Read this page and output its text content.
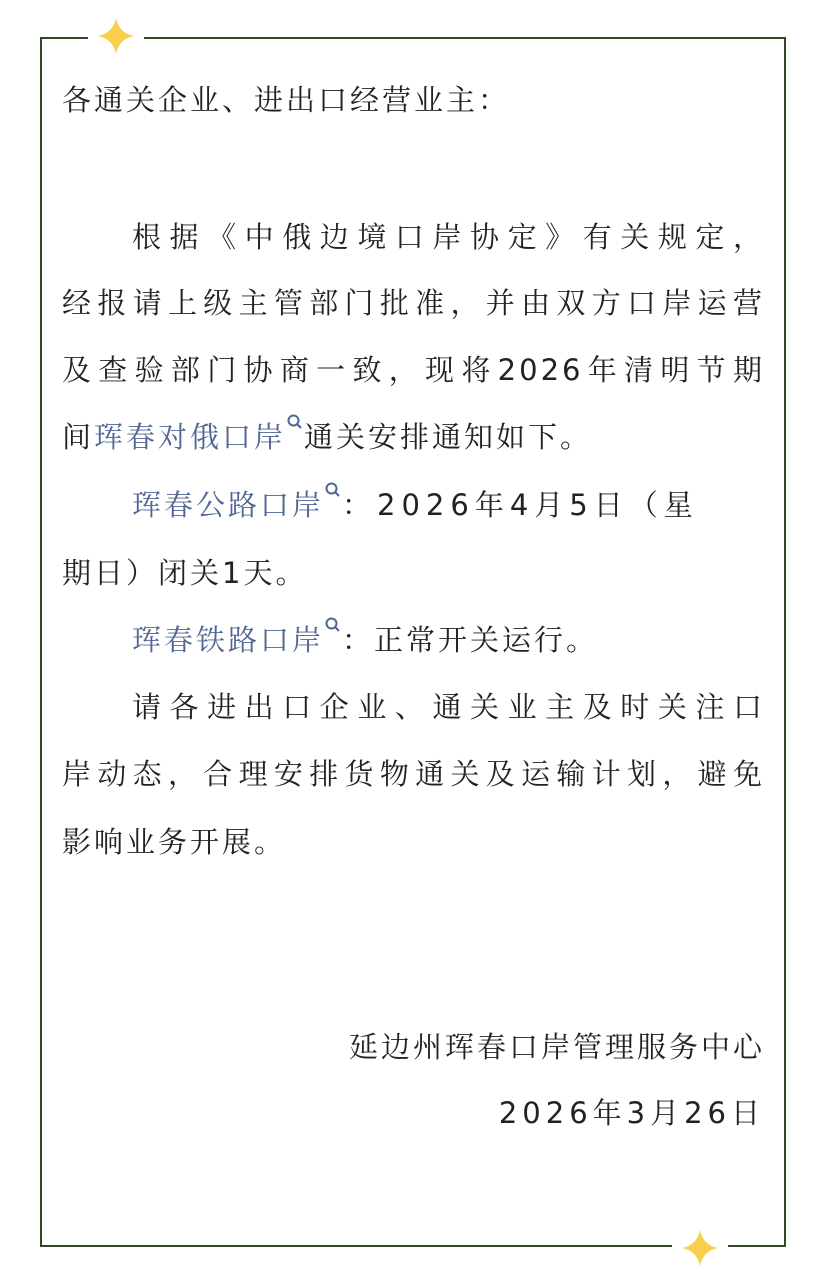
各通关企业、进出口经营业主：
根据《中俄边境口岸协定》有关规定，
经报请上级主管部门批准，并由双方口岸运营
及查验部门协商一致，现将2026年清明节期
间珲春对俄口岸 通关安排通知如下。
珲春公路口岸 ：2026年4月5日（星
期日）闭关1天。
珲春铁路口岸 ：正常开关运行。
请各进出口企业、通关业主及时关注口
岸动态，合理安排货物通关及运输计划，避免
影响业务开展。
延边州珲春口岸管理服务中心
2026年3月26日
